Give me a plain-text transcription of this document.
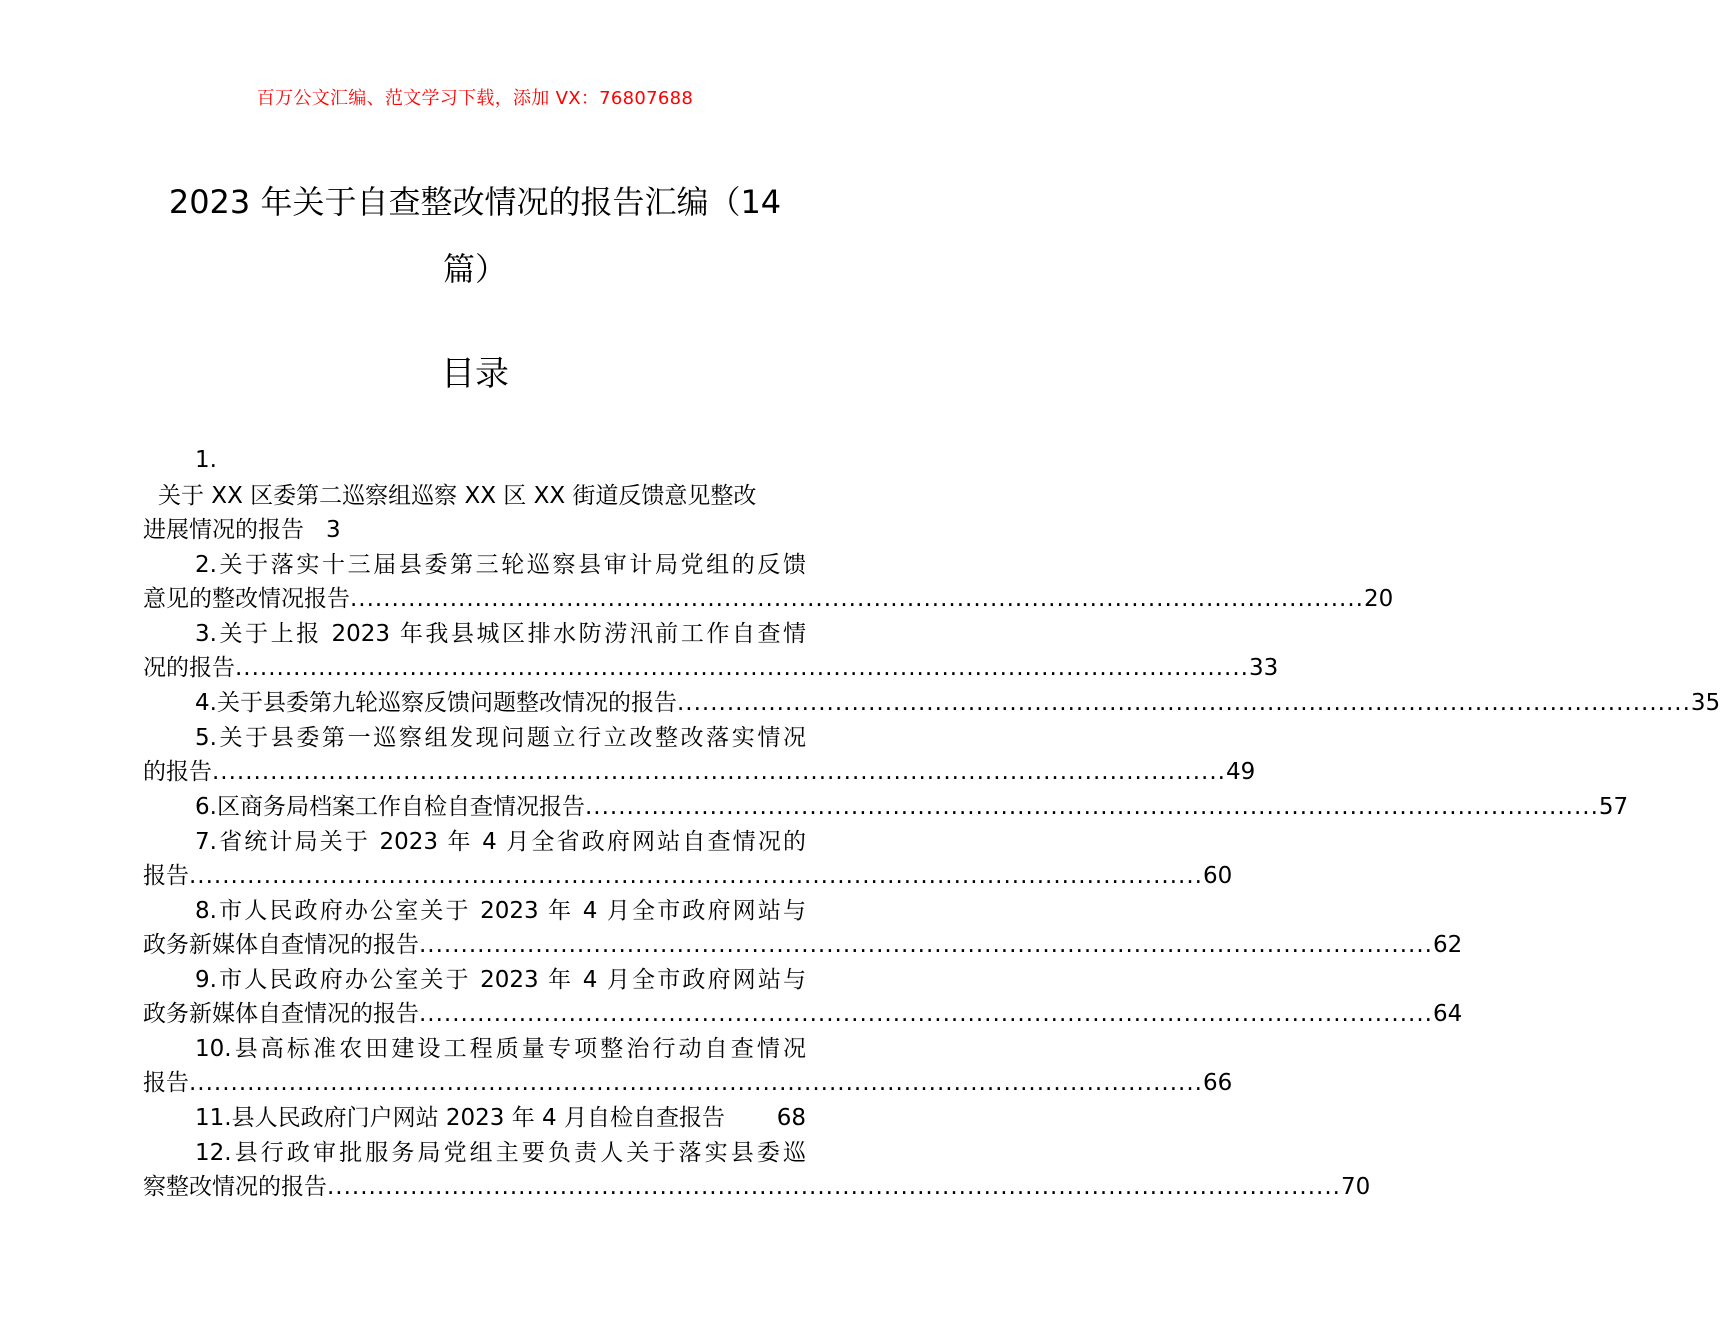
百万公文汇编、范文学习下载，添加 VX：76807688
2023 年关于自查整改情况的报告汇编（14
篇）
目录
1.
关于 XX 区委第二巡察组巡察 XX 区 XX 街道反馈意见整改
进展情况的报告 3
2.关于落实十三届县委第三轮巡察县审计局党组的反馈
意见的整改情况报告 .......................................................................................................................... 20
3.关于上报 2023 年我县城区排水防涝汛前工作自查情
况的报告 .......................................................................................................................... 33
4.关于县委第九轮巡察反馈问题整改情况的报告 .......................................................................................................................... 35
5.关于县委第一巡察组发现问题立行立改整改落实情况
的报告 .......................................................................................................................... 49
6.区商务局档案工作自检自查情况报告 .......................................................................................................................... 57
7.省统计局关于 2023 年 4 月全省政府网站自查情况的
报告 .......................................................................................................................... 60
8.市人民政府办公室关于 2023 年 4 月全市政府网站与
政务新媒体自查情况的报告 .......................................................................................................................... 62
9.市人民政府办公室关于 2023 年 4 月全市政府网站与
政务新媒体自查情况的报告 .......................................................................................................................... 64
10.县高标准农田建设工程质量专项整治行动自查情况
报告 .......................................................................................................................... 66
11.县人民政府门户网站 2023 年 4 月自检自查报告 68
12.县行政审批服务局党组主要负责人关于落实县委巡
察整改情况的报告 .......................................................................................................................... 70
